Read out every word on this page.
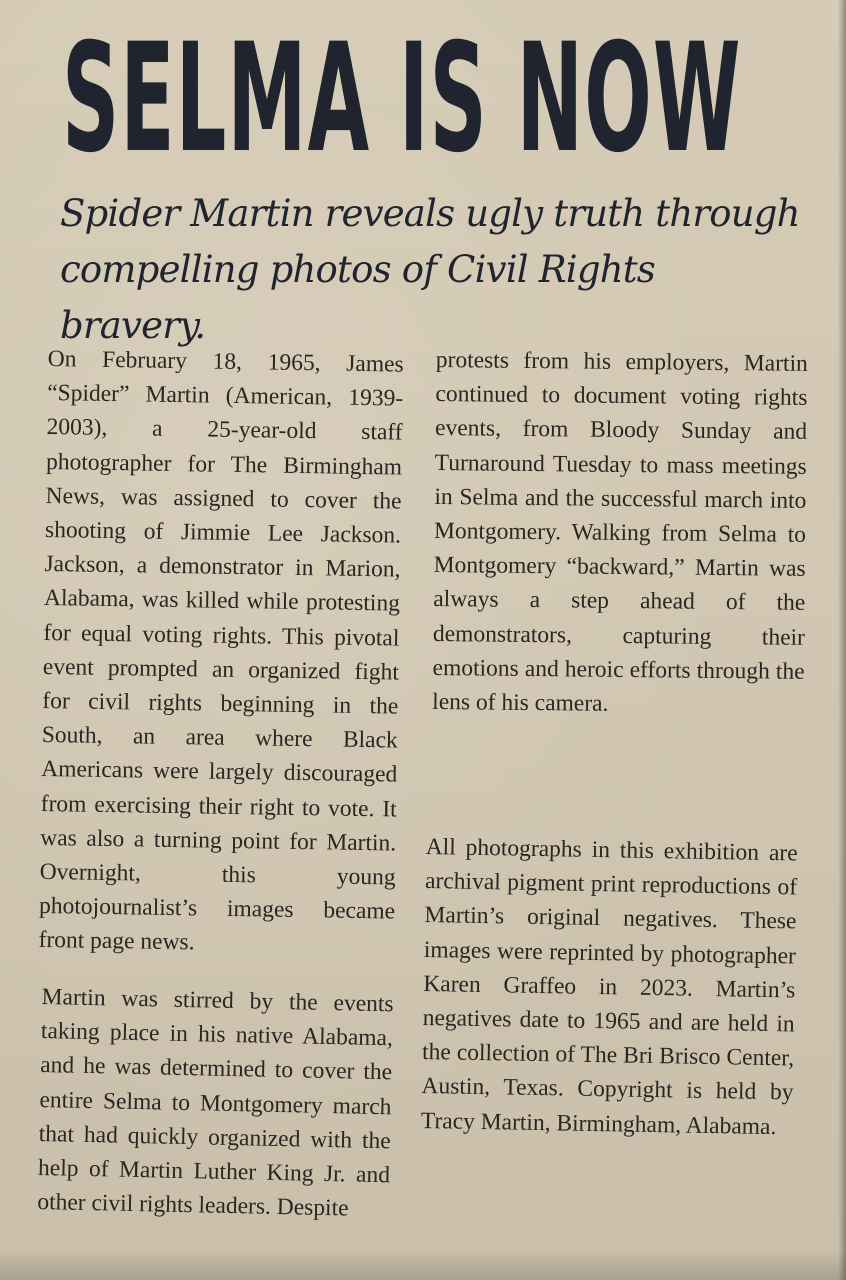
SELMA IS NOW
Spider Martin reveals ugly truth through compelling photos of Civil Rights bravery.

On February 18, 1965, James “Spider” Martin (American, 1939-2003), a 25-year-old staff photographer for The Birmingham News, was assigned to cover the shooting of Jimmie Lee Jackson. Jackson, a demonstrator in Marion, Alabama, was killed while protesting for equal voting rights. This pivotal event prompted an organized fight for civil rights beginning in the South, an area where Black Americans were largely discouraged from exercising their right to vote. It was also a turning point for Martin. Overnight, this young photojournalist’s images became front page news.

Martin was stirred by the events taking place in his native Alabama, and he was determined to cover the entire Selma to Montgomery march that had quickly organized with the help of Martin Luther King Jr. and other civil rights leaders. Despite

protests from his employers, Martin continued to document voting rights events, from Bloody Sunday and Turnaround Tuesday to mass meetings in Selma and the successful march into Montgomery. Walking from Selma to Montgomery “backward,” Martin was always a step ahead of the demonstrators, capturing their emotions and heroic efforts through the lens of his camera.

All photographs in this exhibition are archival pigment print reproductions of Martin’s original negatives. These images were reprinted by photographer Karen Graffeo in 2023. Martin’s negatives date to 1965 and are held in the collection of The Bri Brisco Center, Austin, Texas. Copyright is held by Tracy Martin, Birmingham, Alabama.
